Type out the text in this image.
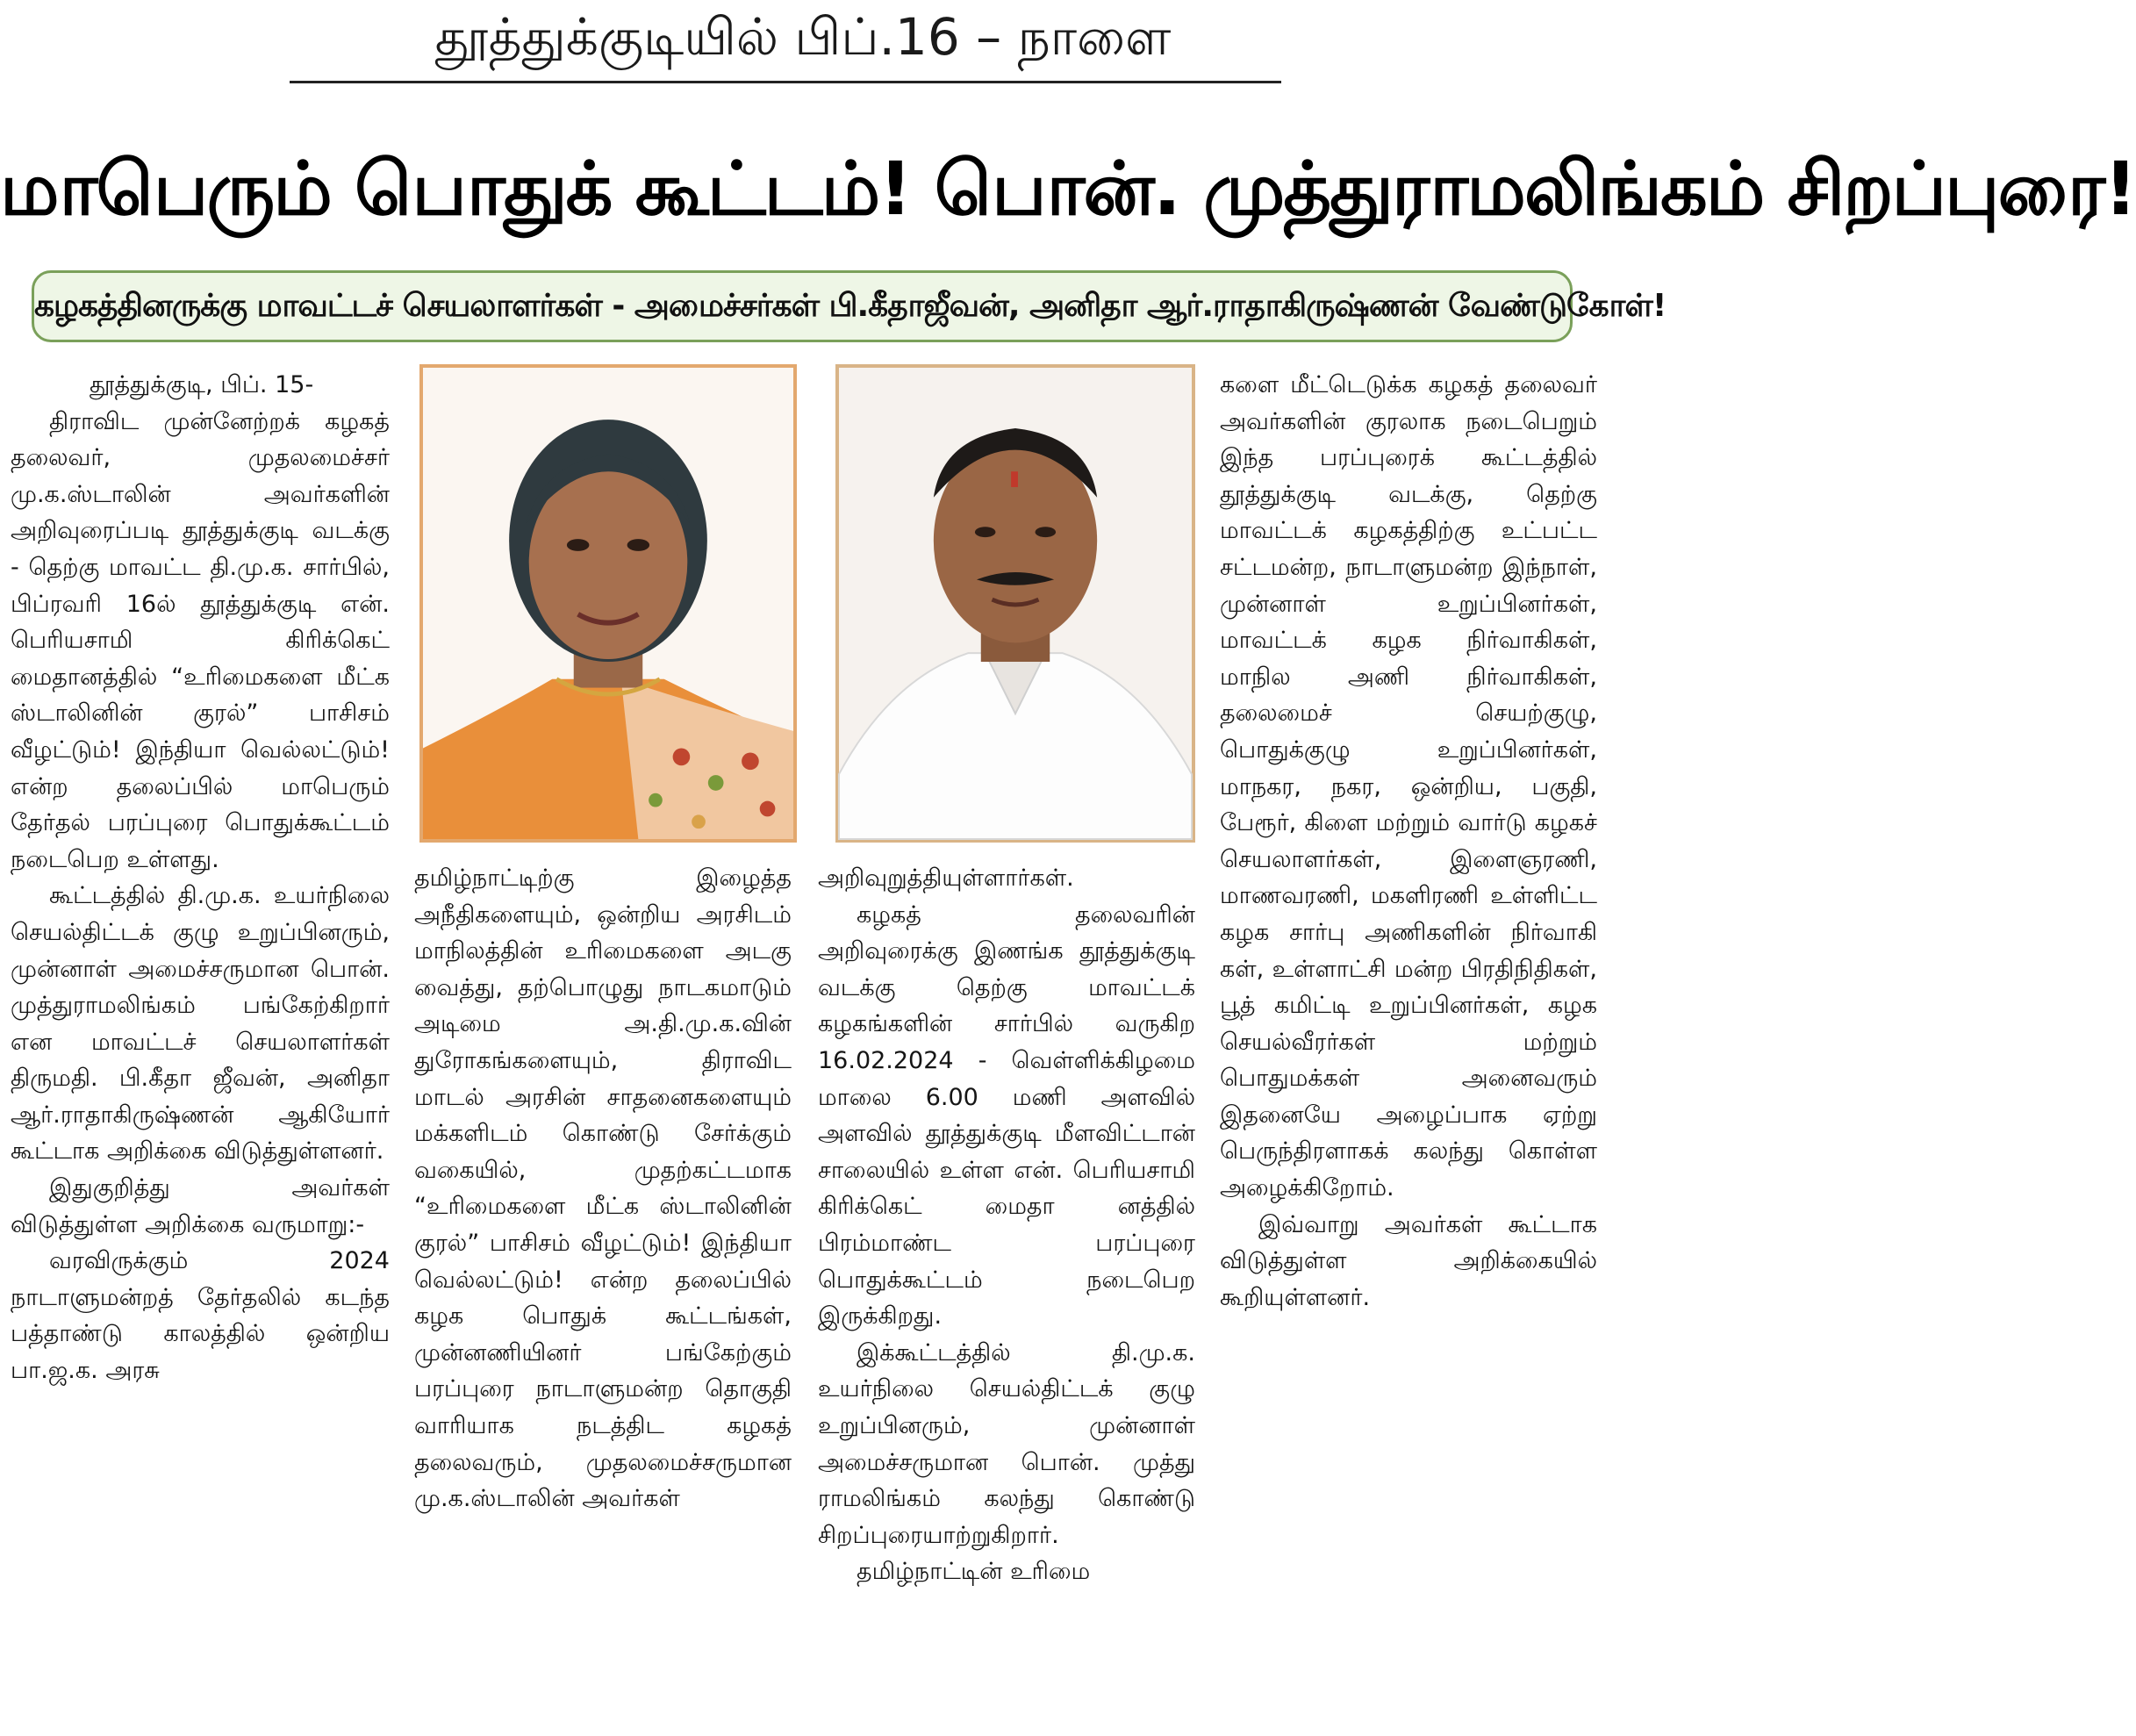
தூத்துக்குடியில் பிப்.16 – நாளை
மாபெரும் பொதுக் கூட்டம்! பொன். முத்துராமலிங்கம் சிறப்புரை!
கழகத்தினருக்கு மாவட்டச் செயலாளர்கள் - அமைச்சர்கள் பி.கீதாஜீவன், அனிதா ஆர்.ராதாகிருஷ்ணன் வேண்டுகோள்!

தூத்துக்குடி, பிப். 15-

திராவிட முன்னேற்றக் கழகத் தலைவர், முதலமைச்சர் மு.க.ஸ்டாலின் அவர்களின் அறிவுரைப்படி தூத்துக்குடி வடக்கு - தெற்கு மாவட்ட தி.மு.க. சார்பில், பிப்ரவரி 16ல் தூத்துக்குடி என். பெரியசாமி கிரிக்கெட் மைதானத்தில் “உரிமைகளை மீட்க ஸ்டாலினின் குரல்” பாசிசம் வீழட்டும்! இந்தியா வெல்லட்டும்! என்ற தலைப்பில் மாபெரும் தேர்தல் பரப்புரை பொதுக்கூட்டம் நடைபெற உள்ளது.

கூட்டத்தில் தி.மு.க. உயர்நிலை செயல்திட்டக் குழு உறுப்பினரும், முன்னாள் அமைச்சருமான பொன். முத்துராமலிங்கம் பங்கேற்கிறார் என மாவட்டச் செயலாளர்கள் திருமதி. பி.கீதா ஜீவன், அனிதா ஆர்.ராதாகிருஷ்ணன் ஆகியோர் கூட்டாக அறிக்கை விடுத்துள்ளனர்.

இதுகுறித்து அவர்கள் விடுத்துள்ள அறிக்கை வருமாறு:-

வரவிருக்கும் 2024 நாடாளுமன்றத் தேர்தலில் கடந்த பத்தாண்டு காலத்தில் ஒன்றிய பா.ஜ.க. அரசு

தமிழ்நாட்டிற்கு இழைத்த அநீதிகளையும், ஒன்றிய அரசிடம் மாநிலத்தின் உரிமைகளை அடகு வைத்து, தற்பொழுது நாடகமாடும் அடிமை அ.தி.மு.க.வின் துரோகங்களையும், திராவிட மாடல் அரசின் சாதனைகளையும் மக்களிடம் கொண்டு சேர்க்கும் வகையில், முதற்கட்டமாக “உரிமைகளை மீட்க ஸ்டாலினின் குரல்” பாசிசம் வீழட்டும்! இந்தியா வெல்லட்டும்! என்ற தலைப்பில் கழக பொதுக் கூட்டங்கள், முன்னணியினர் பங்கேற்கும் பரப்புரை நாடாளுமன்ற தொகுதி வாரியாக நடத்திட கழகத் தலைவரும், முதலமைச்சருமான மு.க.ஸ்டாலின் அவர்கள்

அறிவுறுத்தியுள்ளார்கள்.

கழகத் தலைவரின் அறிவுரைக்கு இணங்க தூத்துக்குடி வடக்கு தெற்கு மாவட்டக் கழகங்களின் சார்பில் வருகிற 16.02.2024 - வெள்ளிக்கிழமை மாலை 6.00 மணி அளவில் அளவில் தூத்துக்குடி மீளவிட்டான் சாலையில் உள்ள என். பெரியசாமி கிரிக்கெட் மைதா னத்தில் பிரம்மாண்ட பரப்புரை பொதுக்கூட்டம் நடைபெற இருக்கிறது.

இக்கூட்டத்தில் தி.மு.க. உயர்நிலை செயல்திட்டக் குழு உறுப்பினரும், முன்னாள் அமைச்சருமான பொன். முத்து ராமலிங்கம் கலந்து கொண்டு சிறப்புரையாற்றுகிறார்.

தமிழ்நாட்டின் உரிமை

களை மீட்டெடுக்க கழகத் தலைவர் அவர்களின் குரலாக நடைபெறும் இந்த பரப்புரைக் கூட்டத்தில் தூத்துக்குடி வடக்கு, தெற்கு மாவட்டக் கழகத்திற்கு உட்பட்ட சட்டமன்ற, நாடாளுமன்ற இந்நாள், முன்னாள் உறுப்பினர்கள், மாவட்டக் கழக நிர்வாகிகள், மாநில அணி நிர்வாகிகள், தலைமைச் செயற்குழு, பொதுக்குழு உறுப்பினர்கள், மாநகர, நகர, ஒன்றிய, பகுதி, பேரூர், கிளை மற்றும் வார்டு கழகச் செயலாளர்கள், இளைஞரணி, மாணவரணி, மகளிரணி உள்ளிட்ட கழக சார்பு அணிகளின் நிர்வாகி கள், உள்ளாட்சி மன்ற பிரதிநிதிகள், பூத் கமிட்டி உறுப்பினர்கள், கழக செயல்வீரர்கள் மற்றும் பொதுமக்கள் அனைவரும் இதனையே அழைப்பாக ஏற்று பெருந்திரளாகக் கலந்து கொள்ள அழைக்கிறோம்.

இவ்வாறு அவர்கள் கூட்டாக விடுத்துள்ள அறிக்கையில் கூறியுள்ளனர்.
